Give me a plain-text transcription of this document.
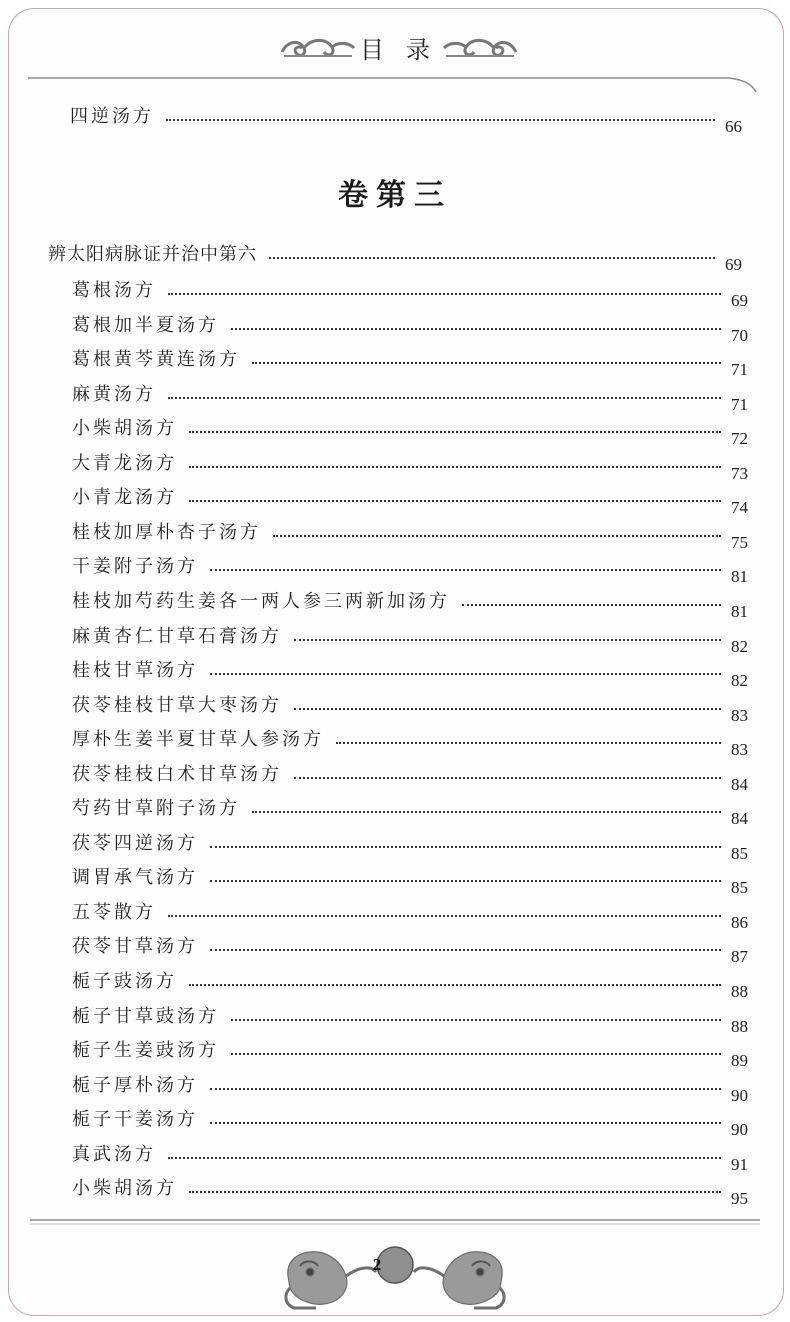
目录
四逆汤方	66
卷第三
辨太阳病脉证并治中第六	69
葛根汤方	69
葛根加半夏汤方	70
葛根黄芩黄连汤方	71
麻黄汤方	71
小柴胡汤方	72
大青龙汤方	73
小青龙汤方	74
桂枝加厚朴杏子汤方	75
干姜附子汤方	81
桂枝加芍药生姜各一两人参三两新加汤方	81
麻黄杏仁甘草石膏汤方	82
桂枝甘草汤方	82
茯苓桂枝甘草大枣汤方	83
厚朴生姜半夏甘草人参汤方	83
茯苓桂枝白术甘草汤方	84
芍药甘草附子汤方	84
茯苓四逆汤方	85
调胃承气汤方	85
五苓散方	86
茯苓甘草汤方	87
栀子豉汤方	88
栀子甘草豉汤方	88
栀子生姜豉汤方	89
栀子厚朴汤方	90
栀子干姜汤方	90
真武汤方	91
小柴胡汤方	95
2
